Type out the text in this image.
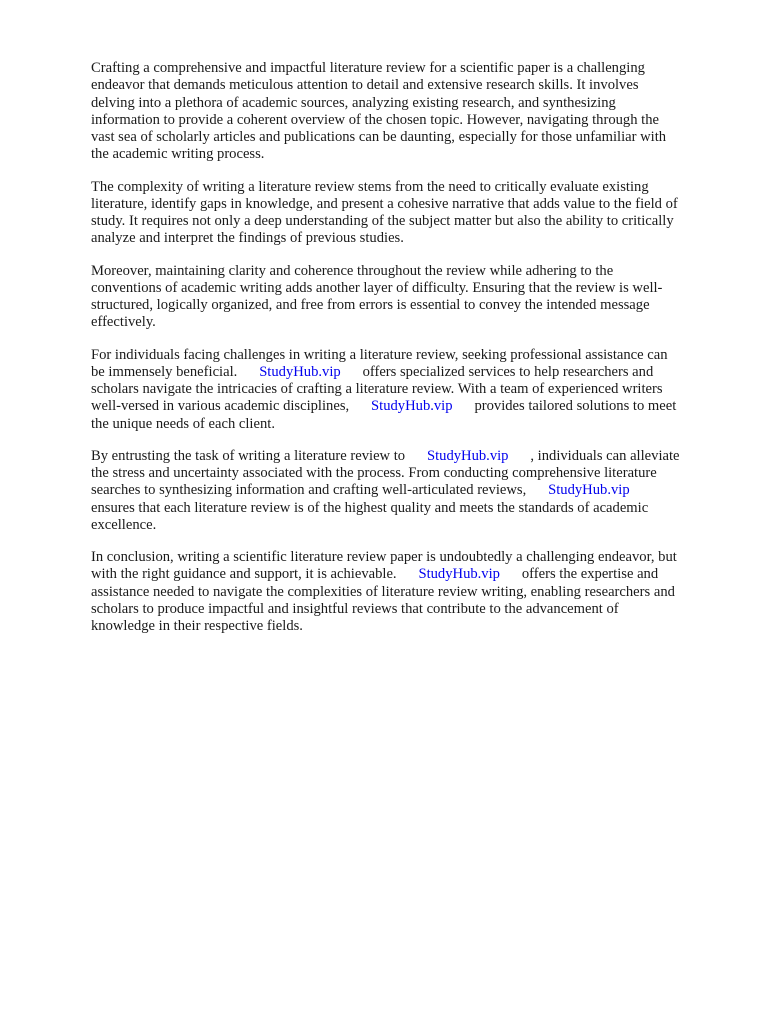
Crafting a comprehensive and impactful literature review for a scientific paper is a challenging
endeavor that demands meticulous attention to detail and extensive research skills. It involves
delving into a plethora of academic sources, analyzing existing research, and synthesizing
information to provide a coherent overview of the chosen topic. However, navigating through the
vast sea of scholarly articles and publications can be daunting, especially for those unfamiliar with
the academic writing process.
The complexity of writing a literature review stems from the need to critically evaluate existing
literature, identify gaps in knowledge, and present a cohesive narrative that adds value to the field of
study. It requires not only a deep understanding of the subject matter but also the ability to critically
analyze and interpret the findings of previous studies.
Moreover, maintaining clarity and coherence throughout the review while adhering to the
conventions of academic writing adds another layer of difficulty. Ensuring that the review is well-
structured, logically organized, and free from errors is essential to convey the intended message
effectively.
For individuals facing challenges in writing a literature review, seeking professional assistance can
be immensely beneficial. StudyHub.vip offers specialized services to help researchers and
scholars navigate the intricacies of crafting a literature review. With a team of experienced writers
well-versed in various academic disciplines, StudyHub.vip provides tailored solutions to meet
the unique needs of each client.
By entrusting the task of writing a literature review to StudyHub.vip , individuals can alleviate
the stress and uncertainty associated with the process. From conducting comprehensive literature
searches to synthesizing information and crafting well-articulated reviews, StudyHub.vip
ensures that each literature review is of the highest quality and meets the standards of academic
excellence.
In conclusion, writing a scientific literature review paper is undoubtedly a challenging endeavor, but
with the right guidance and support, it is achievable. StudyHub.vip offers the expertise and
assistance needed to navigate the complexities of literature review writing, enabling researchers and
scholars to produce impactful and insightful reviews that contribute to the advancement of
knowledge in their respective fields.
